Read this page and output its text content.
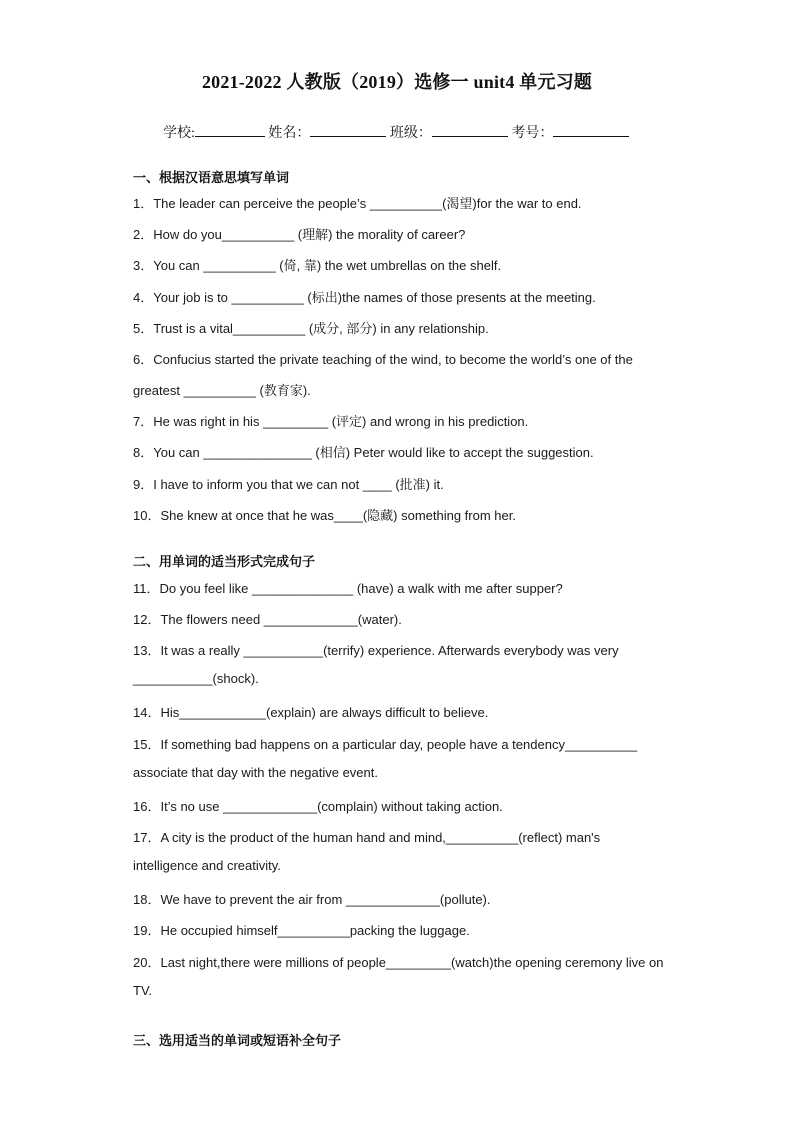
2021-2022 人教版（2019）选修一 unit4 单元习题
学校:	姓名：	班级：	考号：
一、根据汉语意思填写单词
1．The leader can perceive the people’s __________(渴望)for the war to end.
2．How do you__________ (理解) the morality of career?
3．You can __________ (倚, 靠) the wet umbrellas on the shelf.
4．Your job is to __________ (标出)the names of those presents at the meeting.
5．Trust is a vital__________ (成分, 部分) in any relationship.
6．Confucius started the private teaching of the wind, to become the world’s one of the
greatest __________ (教育家).
7．He was right in his _________ (评定) and wrong in his prediction.
8．You can _______________ (相信) Peter would like to accept the suggestion.
9．I have to inform you that we can not ____ (批准) it.
10．She knew at once that he was____(隐藏) something from her.
二、用单词的适当形式完成句子
11．Do you feel like ______________ (have) a walk with me after supper?
12．The flowers need _____________(water).
13．It was a really ___________(terrify) experience. Afterwards everybody was very
___________(shock).
14．His____________(explain) are always difficult to believe.
15．If something bad happens on a particular day, people have a tendency__________
associate that day with the negative event.
16．It’s no use _____________(complain) without taking action.
17．A city is the product of the human hand and mind,__________(reflect) man's
intelligence and creativity.
18．We have to prevent the air from _____________(pollute).
19．He occupied himself__________packing the luggage.
20．Last night,there were millions of people_________(watch)the opening ceremony live on
TV.
三、选用适当的单词或短语补全句子
